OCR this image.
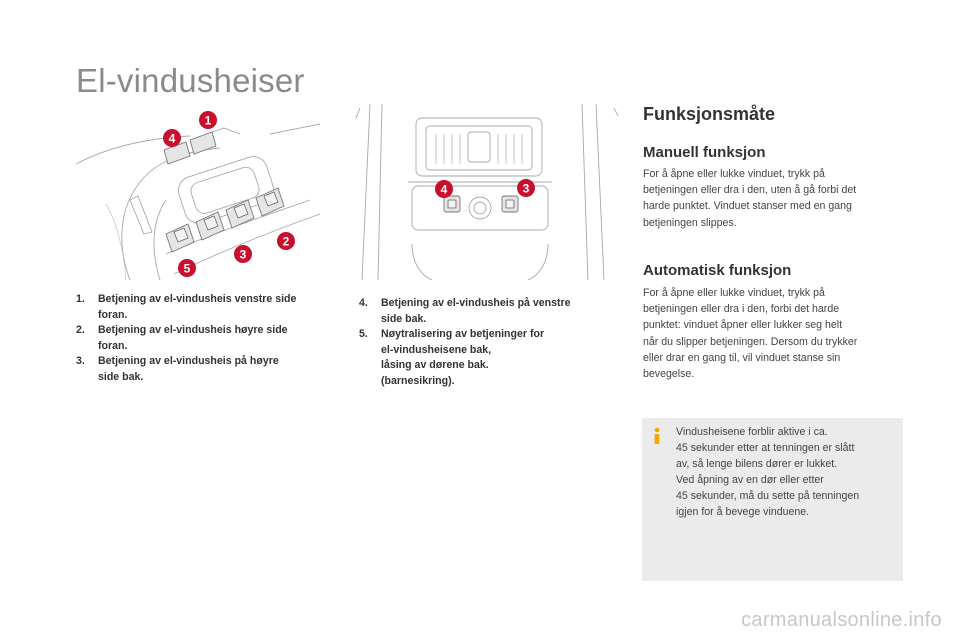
El-vindusheiser
4
1
2
3
5
4	3
1.	Betjening av el-vindusheis venstre side
foran.
2.	Betjening av el-vindusheis høyre side
foran.
3.	Betjening av el-vindusheis på høyre
side bak.
4.	Betjening av el-vindusheis på venstre
side bak.
5.	Nøytralisering av betjeninger for
el-vindusheisene bak,
låsing av dørene bak.
(barnesikring).
Funksjonsmåte
Manuell funksjon

For å åpne eller lukke vinduet, trykk på
betjeningen eller dra i den, uten å gå forbi det
harde punktet. Vinduet stanser med en gang
betjeningen slippes.

Automatisk funksjon

For å åpne eller lukke vinduet, trykk på
betjeningen eller dra i den, forbi det harde
punktet: vinduet åpner eller lukker seg helt
når du slipper betjeningen. Dersom du trykker
eller drar en gang til, vil vinduet stanse sin
bevegelse.

Vindusheisene forblir aktive i ca.
45 sekunder etter at tenningen er slått
av, så lenge bilens dører er lukket.
Ved åpning av en dør eller etter
45 sekunder, må du sette på tenningen
igjen for å bevege vinduene.

carmanualsonline.info
